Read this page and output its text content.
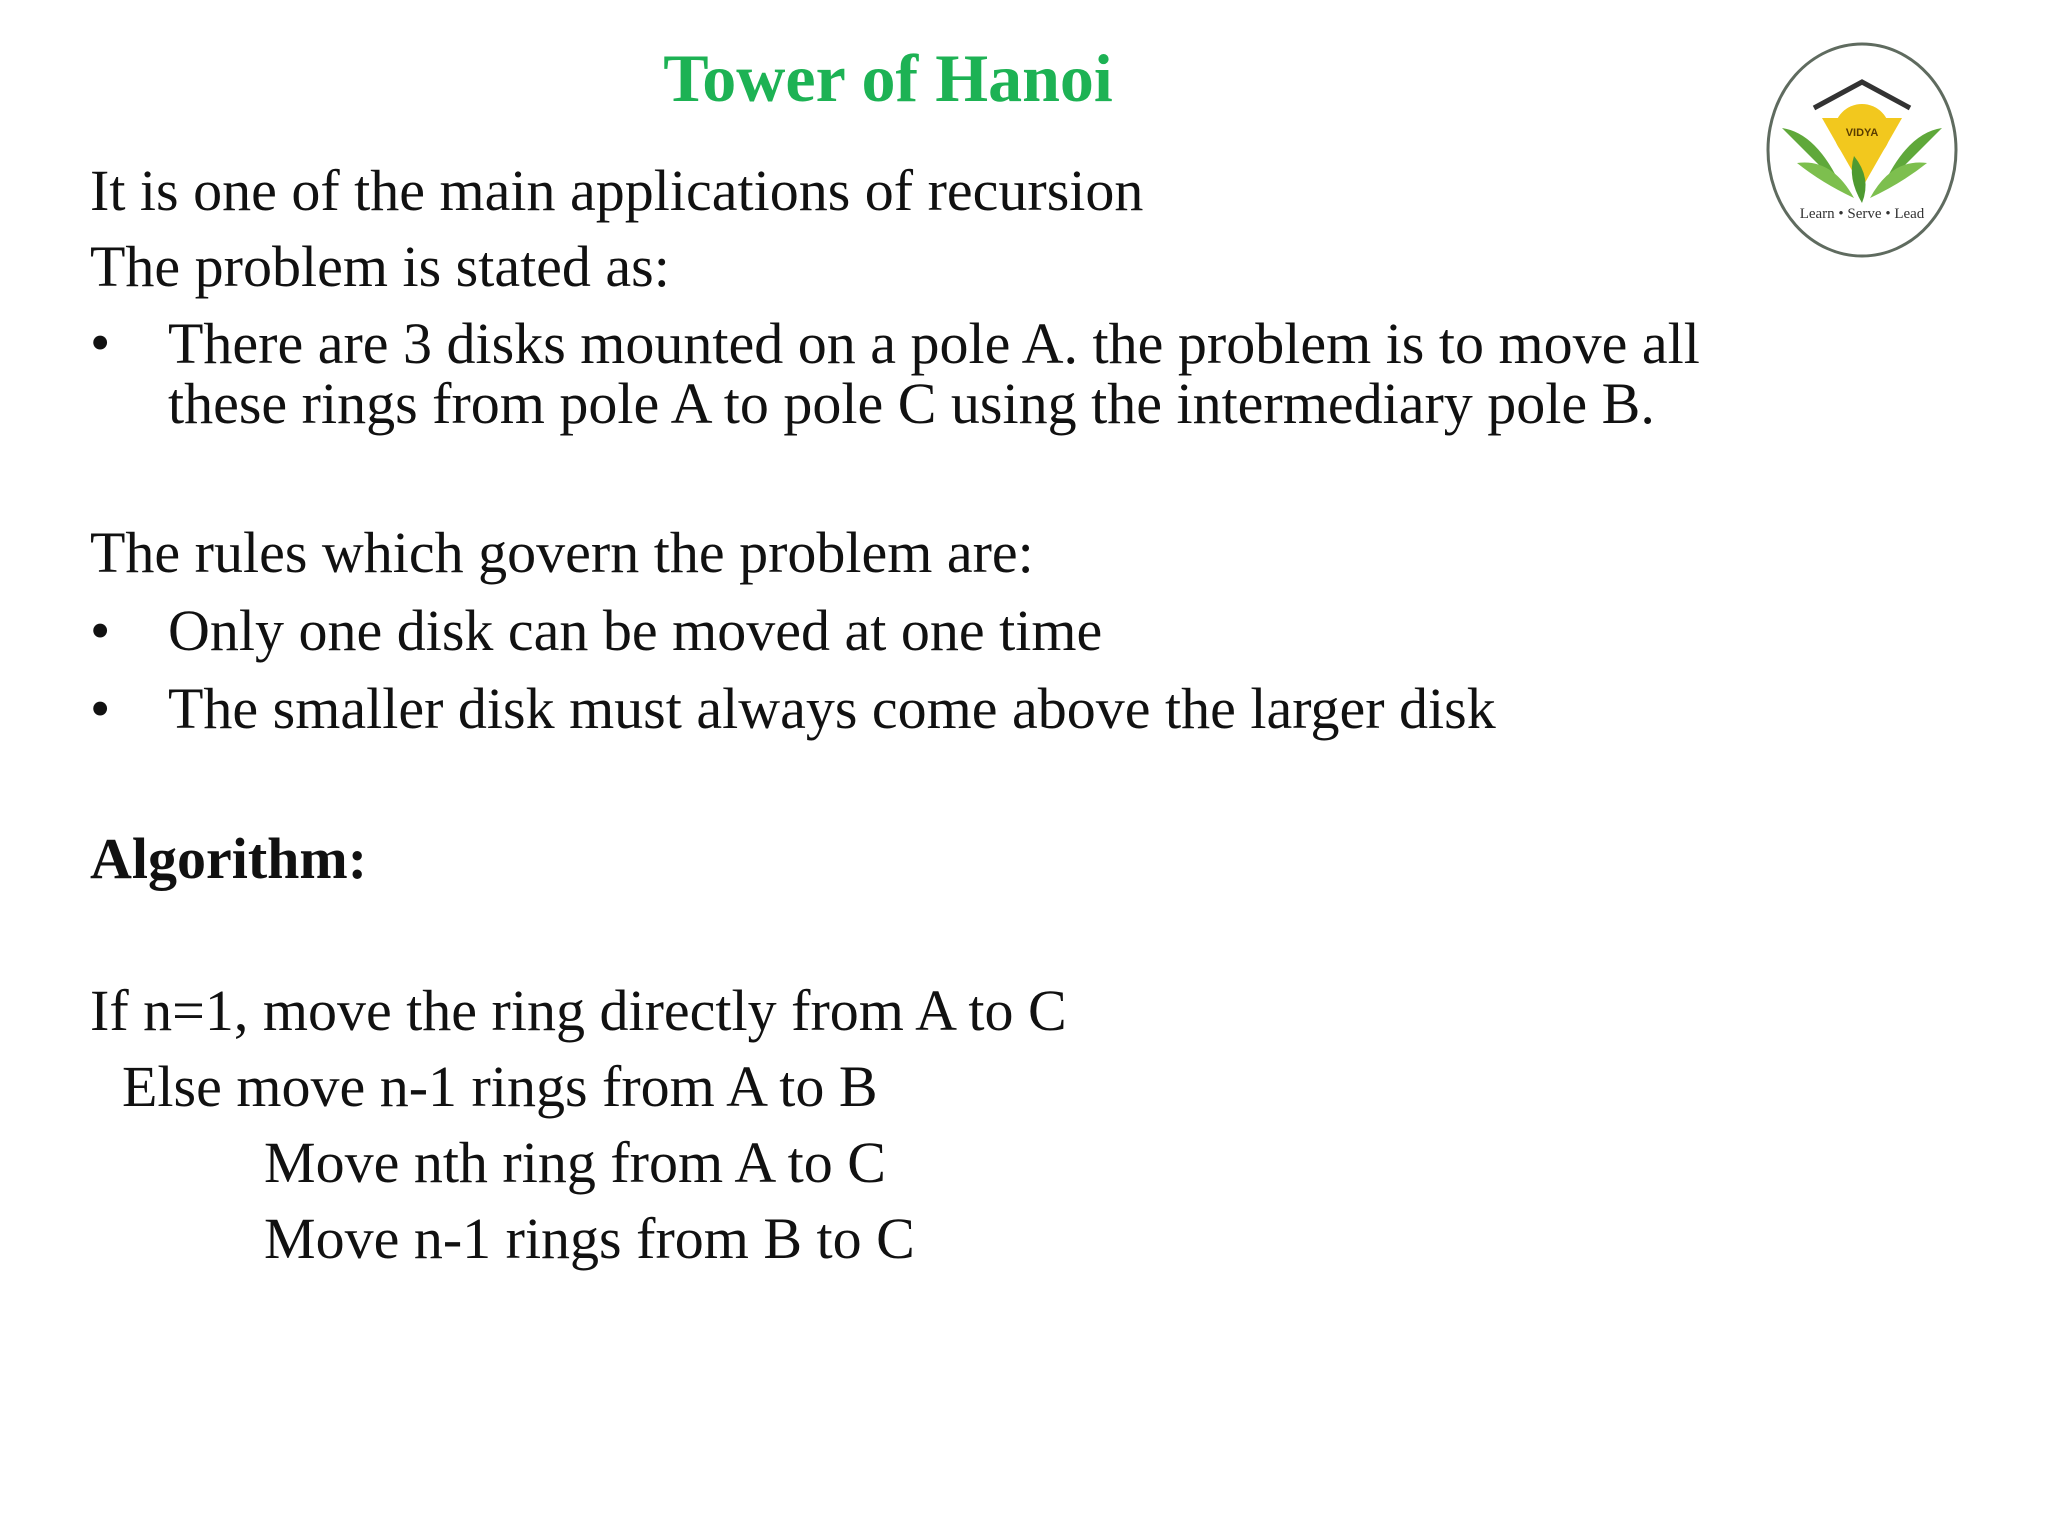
Tower of Hanoi
VIDYA
Learn • Serve • Lead
It is one of the main applications of recursion
The problem is stated as:
• There are 3 disks mounted on a pole A. the problem is to move all
these rings from pole A to pole C using the intermediary pole B.
The rules which govern the problem are:
• Only one disk can be moved at one time
• The smaller disk must always come above the larger disk
Algorithm:
If n=1, move the ring directly from A to C
Else move n-1 rings from A to B
Move nth ring from A to C
Move n-1 rings from B to C
